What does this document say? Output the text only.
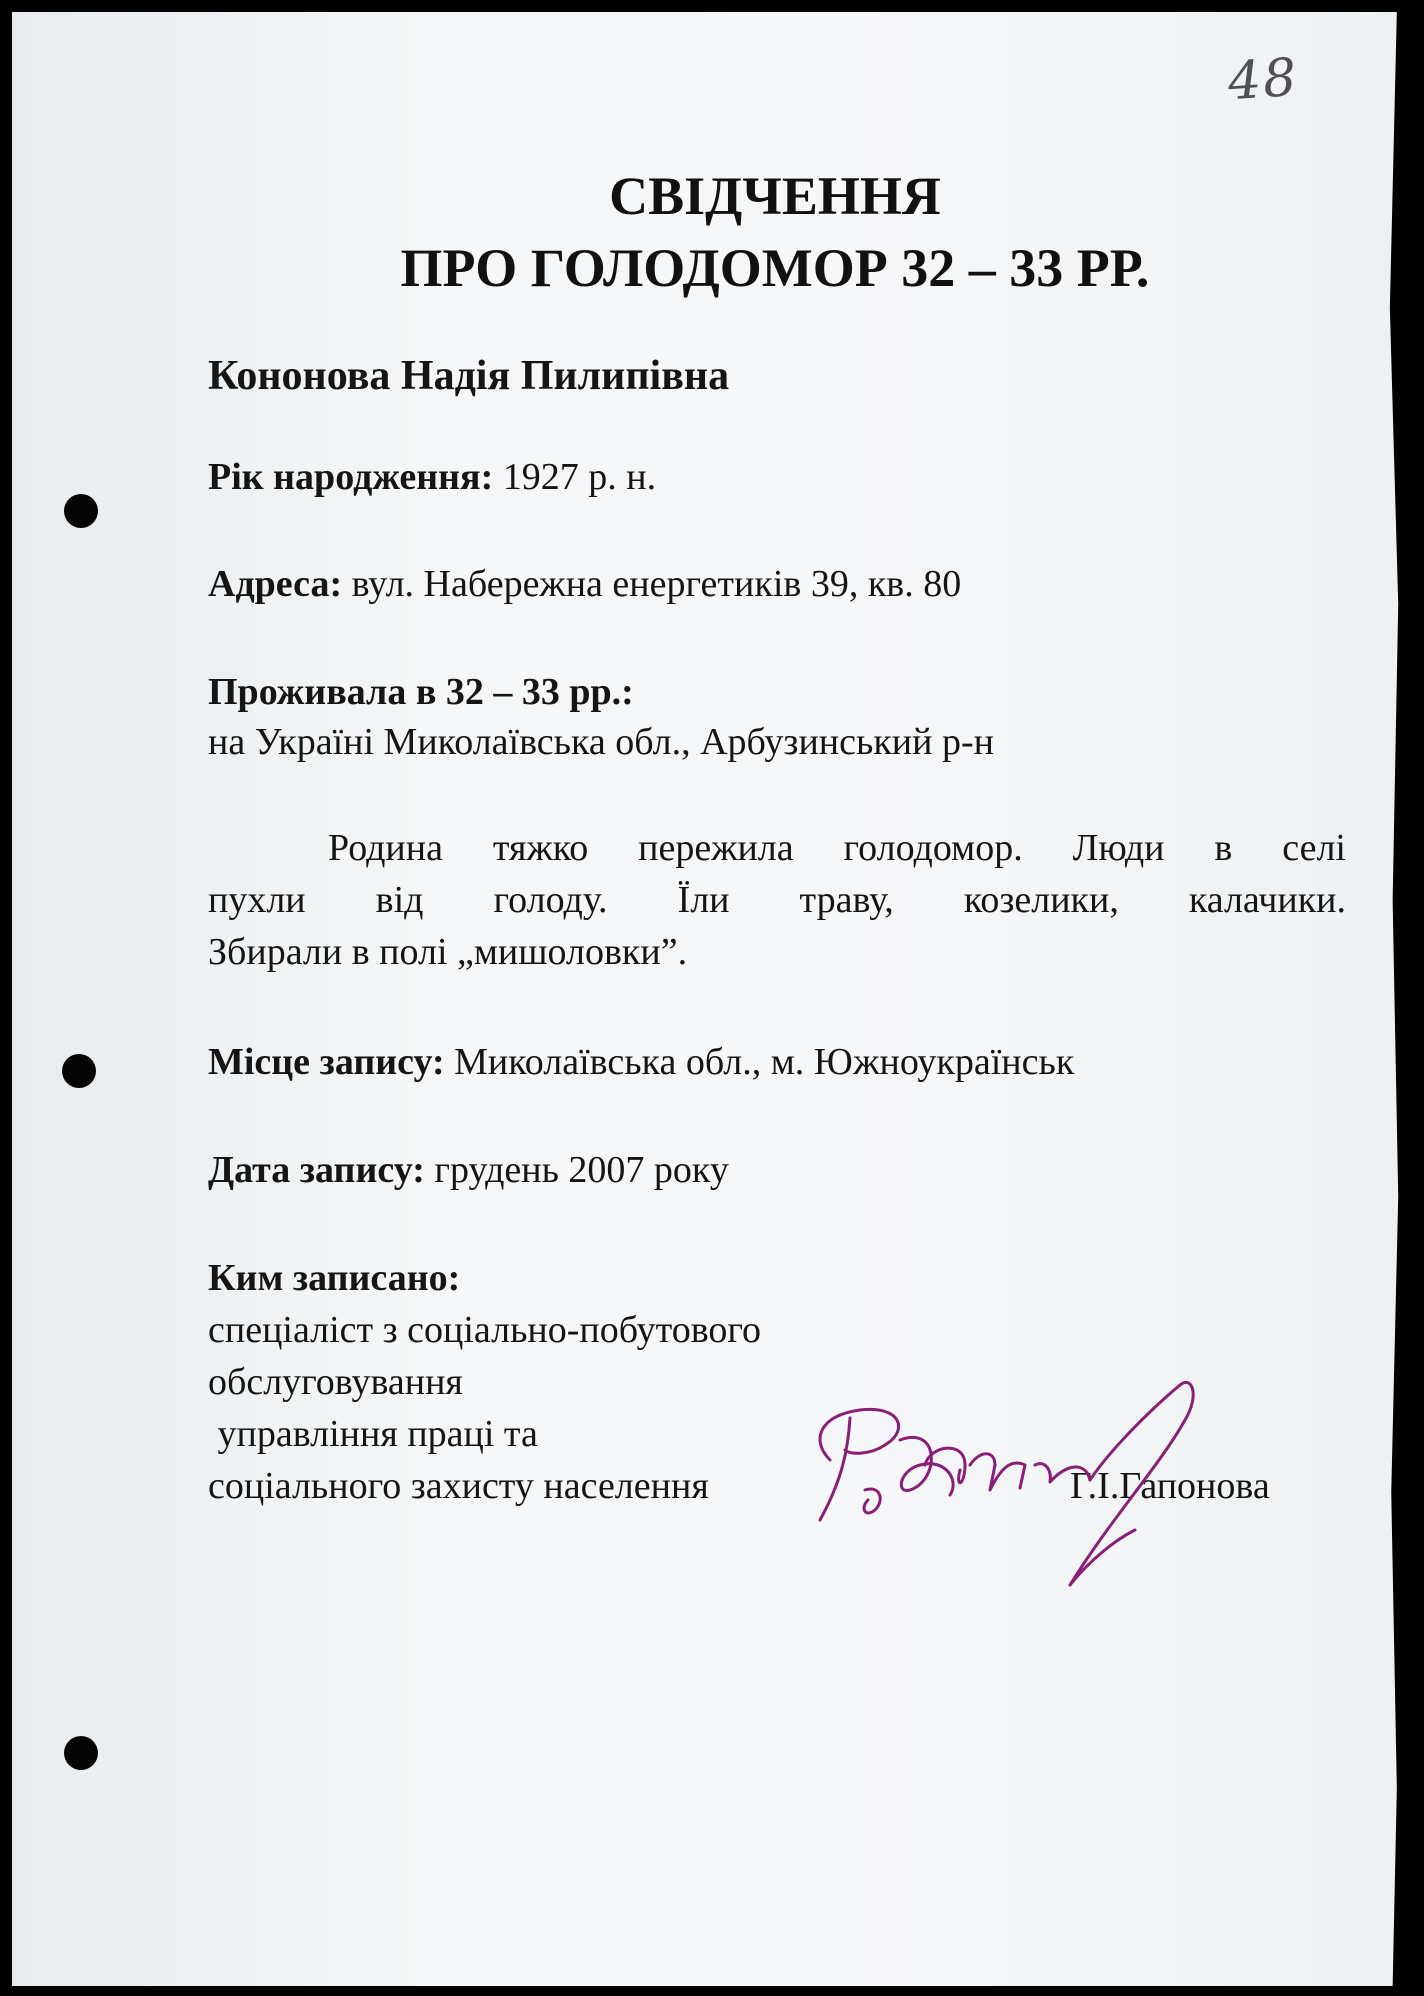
48
СВІДЧЕННЯ
ПРО ГОЛОДОМОР 32 – 33 РР.
Кононова Надія Пилипівна
Рік народження: 1927 р. н.
Адреса: вул. Набережна енергетиків 39, кв. 80
Проживала в 32 – 33 рр.:
на Україні Миколаївська обл., Арбузинський р-н
Родина тяжко пережила голодомор. Люди в селі
пухли від голоду. Їли траву, козелики, калачики.
Збирали в полі „мишоловки”.
Місце запису: Миколаївська обл., м. Южноукраїнськ
Дата запису: грудень 2007 року
Ким записано:
спеціаліст з соціально-побутового
обслуговування
управління праці та
соціального захисту населення	Г.І.Гапонова
